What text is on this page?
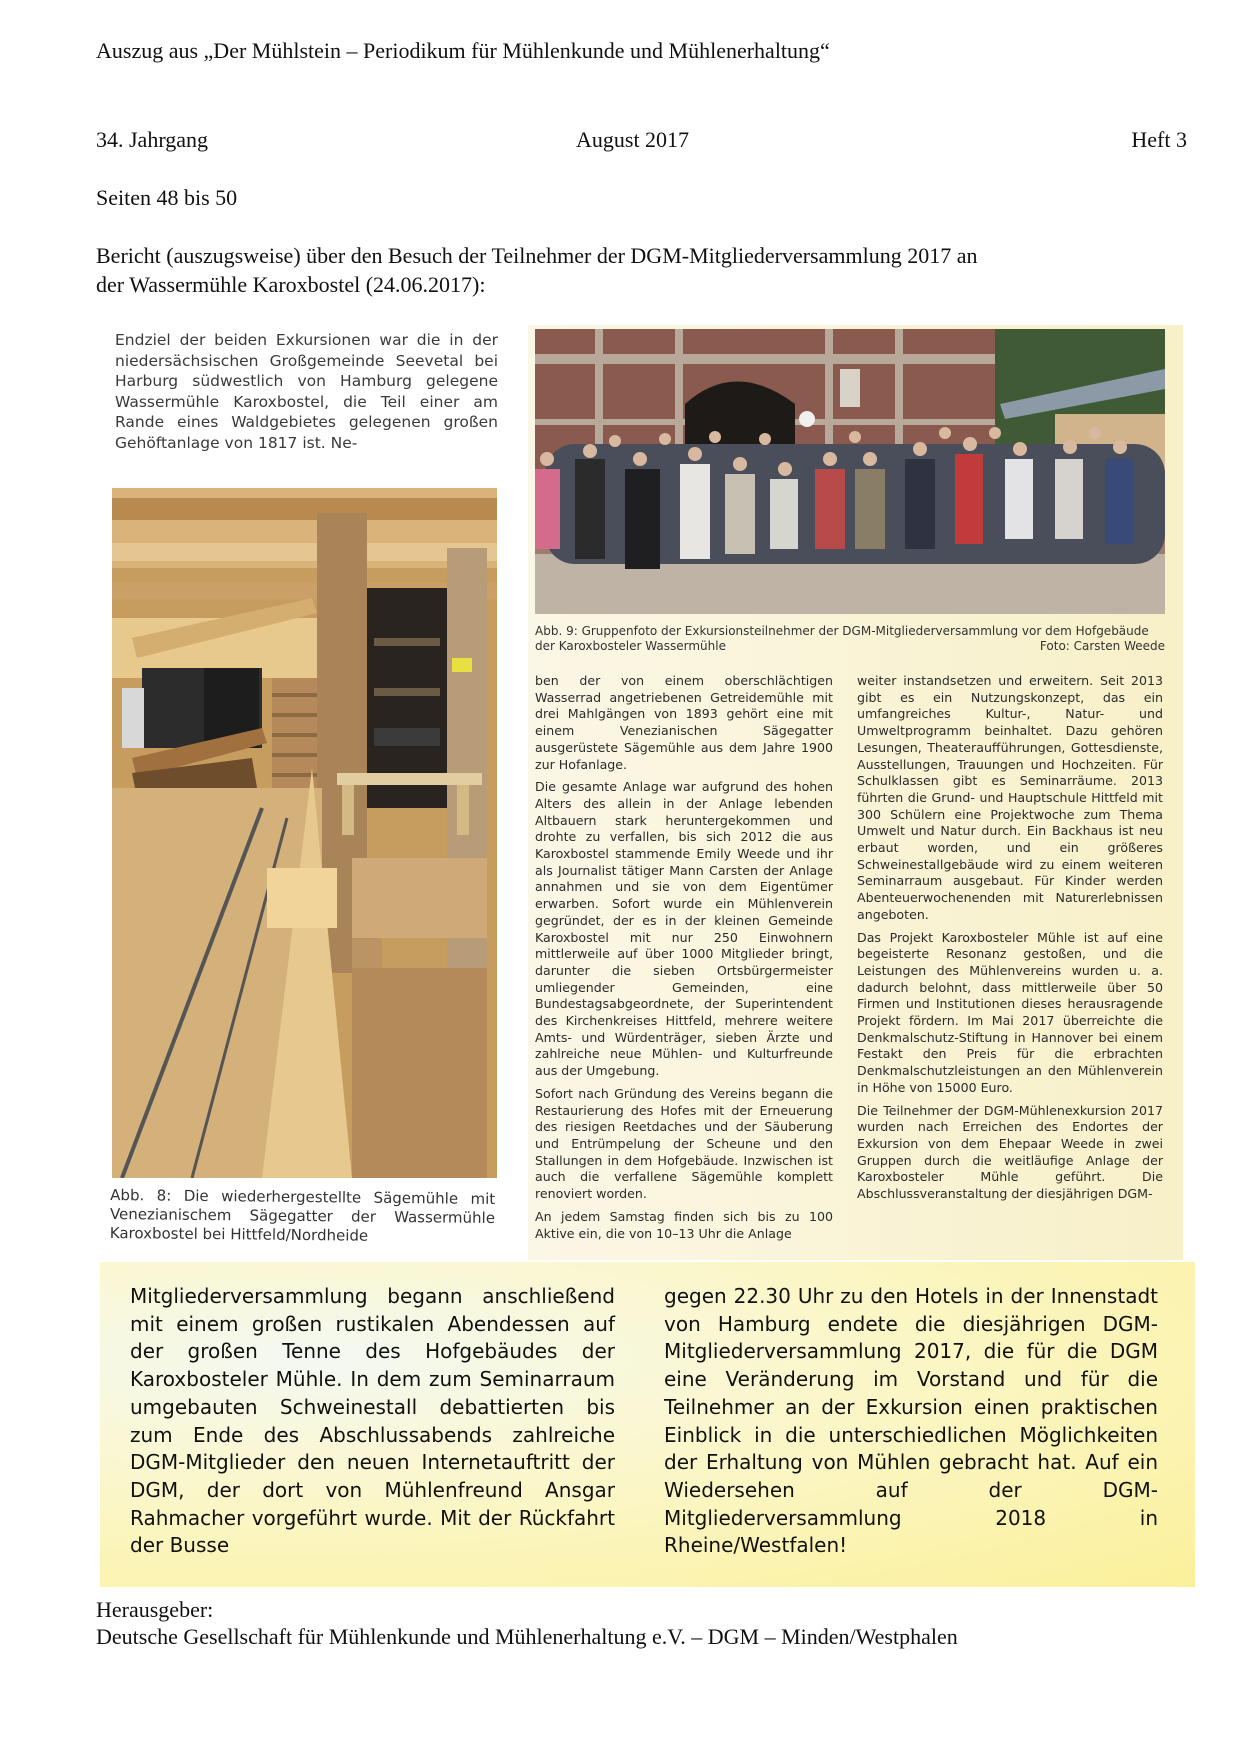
Auszug aus „Der Mühlstein – Periodikum für Mühlenkunde und Mühlenerhaltung“
34. Jahrgang	August 2017	Heft 3
Seiten 48 bis 50
Bericht (auszugsweise) über den Besuch der Teilnehmer der DGM-Mitgliederversammlung 2017 an
der Wassermühle Karoxbostel (24.06.2017):
Endziel der beiden Exkursionen war die in der niedersächsischen Großgemeinde Seevetal bei Harburg südwestlich von Hamburg gelegene Wassermühle Karoxbostel, die Teil einer am Rande eines Waldgebietes gelegenen großen Gehöftanlage von 1817 ist. Ne-
Abb. 8: Die wiederhergestellte Sägemühle mit Venezianischem Sägegatter der Wassermühle Karoxbostel bei Hittfeld/Nordheide
Abb. 9: Gruppenfoto der Exkursionsteilnehmer der DGM-Mitgliederversammlung vor dem Hofgebäude der Karoxbosteler Wassermühle	Foto: Carsten Weede

ben der von einem oberschlächtigen Wasserrad angetriebenen Getreidemühle mit drei Mahlgängen von 1893 gehört eine mit einem Venezianischen Sägegatter ausgerüstete Sägemühle aus dem Jahre 1900 zur Hofanlage.

Die gesamte Anlage war aufgrund des hohen Alters des allein in der Anlage lebenden Altbauern stark heruntergekommen und drohte zu verfallen, bis sich 2012 die aus Karoxbostel stammende Emily Weede und ihr als Journalist tätiger Mann Carsten der Anlage annahmen und sie von dem Eigentümer erwarben. Sofort wurde ein Mühlenverein gegründet, der es in der kleinen Gemeinde Karoxbostel mit nur 250 Einwohnern mittlerweile auf über 1000 Mitglieder bringt, darunter die sieben Ortsbürgermeister umliegender Gemeinden, eine Bundestagsabgeordnete, der Superintendent des Kirchenkreises Hittfeld, mehrere weitere Amts- und Würdenträger, sieben Ärzte und zahlreiche neue Mühlen- und Kulturfreunde aus der Umgebung.

Sofort nach Gründung des Vereins begann die Restaurierung des Hofes mit der Erneuerung des riesigen Reetdaches und der Säuberung und Entrümpelung der Scheune und den Stallungen in dem Hofgebäude. Inzwischen ist auch die verfallene Sägemühle komplett renoviert worden.

An jedem Samstag finden sich bis zu 100 Aktive ein, die von 10–13 Uhr die Anlage

weiter instandsetzen und erweitern. Seit 2013 gibt es ein Nutzungskonzept, das ein umfangreiches Kultur-, Natur- und Umweltprogramm beinhaltet. Dazu gehören Lesungen, Theateraufführungen, Gottesdienste, Ausstellungen, Trauungen und Hochzeiten. Für Schulklassen gibt es Seminarräume. 2013 führten die Grund- und Hauptschule Hittfeld mit 300 Schülern eine Projektwoche zum Thema Umwelt und Natur durch. Ein Backhaus ist neu erbaut worden, und ein größeres Schweinestallgebäude wird zu einem weiteren Seminarraum ausgebaut. Für Kinder werden Abenteuerwochenenden mit Naturerlebnissen angeboten.

Das Projekt Karoxbosteler Mühle ist auf eine begeisterte Resonanz gestoßen, und die Leistungen des Mühlenvereins wurden u. a. dadurch belohnt, dass mittlerweile über 50 Firmen und Institutionen dieses herausragende Projekt fördern. Im Mai 2017 überreichte die Denkmalschutz-Stiftung in Hannover bei einem Festakt den Preis für die erbrachten Denkmalschutzleistungen an den Mühlenverein in Höhe von 15000 Euro.

Die Teilnehmer der DGM-Mühlenexkursion 2017 wurden nach Erreichen des Endortes der Exkursion von dem Ehepaar Weede in zwei Gruppen durch die weitläufige Anlage der Karoxbosteler Mühle geführt. Die Abschlussveranstaltung der diesjährigen DGM-

Mitgliederversammlung begann anschließend mit einem großen rustikalen Abendessen auf der großen Tenne des Hofgebäudes der Karoxbosteler Mühle. In dem zum Seminarraum umgebauten Schweinestall debattierten bis zum Ende des Abschlussabends zahlreiche DGM-Mitglieder den neuen Internetauftritt der DGM, der dort von Mühlenfreund Ansgar Rahmacher vorgeführt wurde. Mit der Rückfahrt der Busse
gegen 22.30 Uhr zu den Hotels in der Innenstadt von Hamburg endete die diesjährigen DGM-Mitgliederversammlung 2017, die für die DGM eine Veränderung im Vorstand und für die Teilnehmer an der Exkursion einen praktischen Einblick in die unterschiedlichen Möglichkeiten der Erhaltung von Mühlen gebracht hat. Auf ein Wiedersehen auf der DGM-Mitgliederversammlung 2018 in Rheine/Westfalen!
Herausgeber:
Deutsche Gesellschaft für Mühlenkunde und Mühlenerhaltung e.V. – DGM – Minden/Westphalen
